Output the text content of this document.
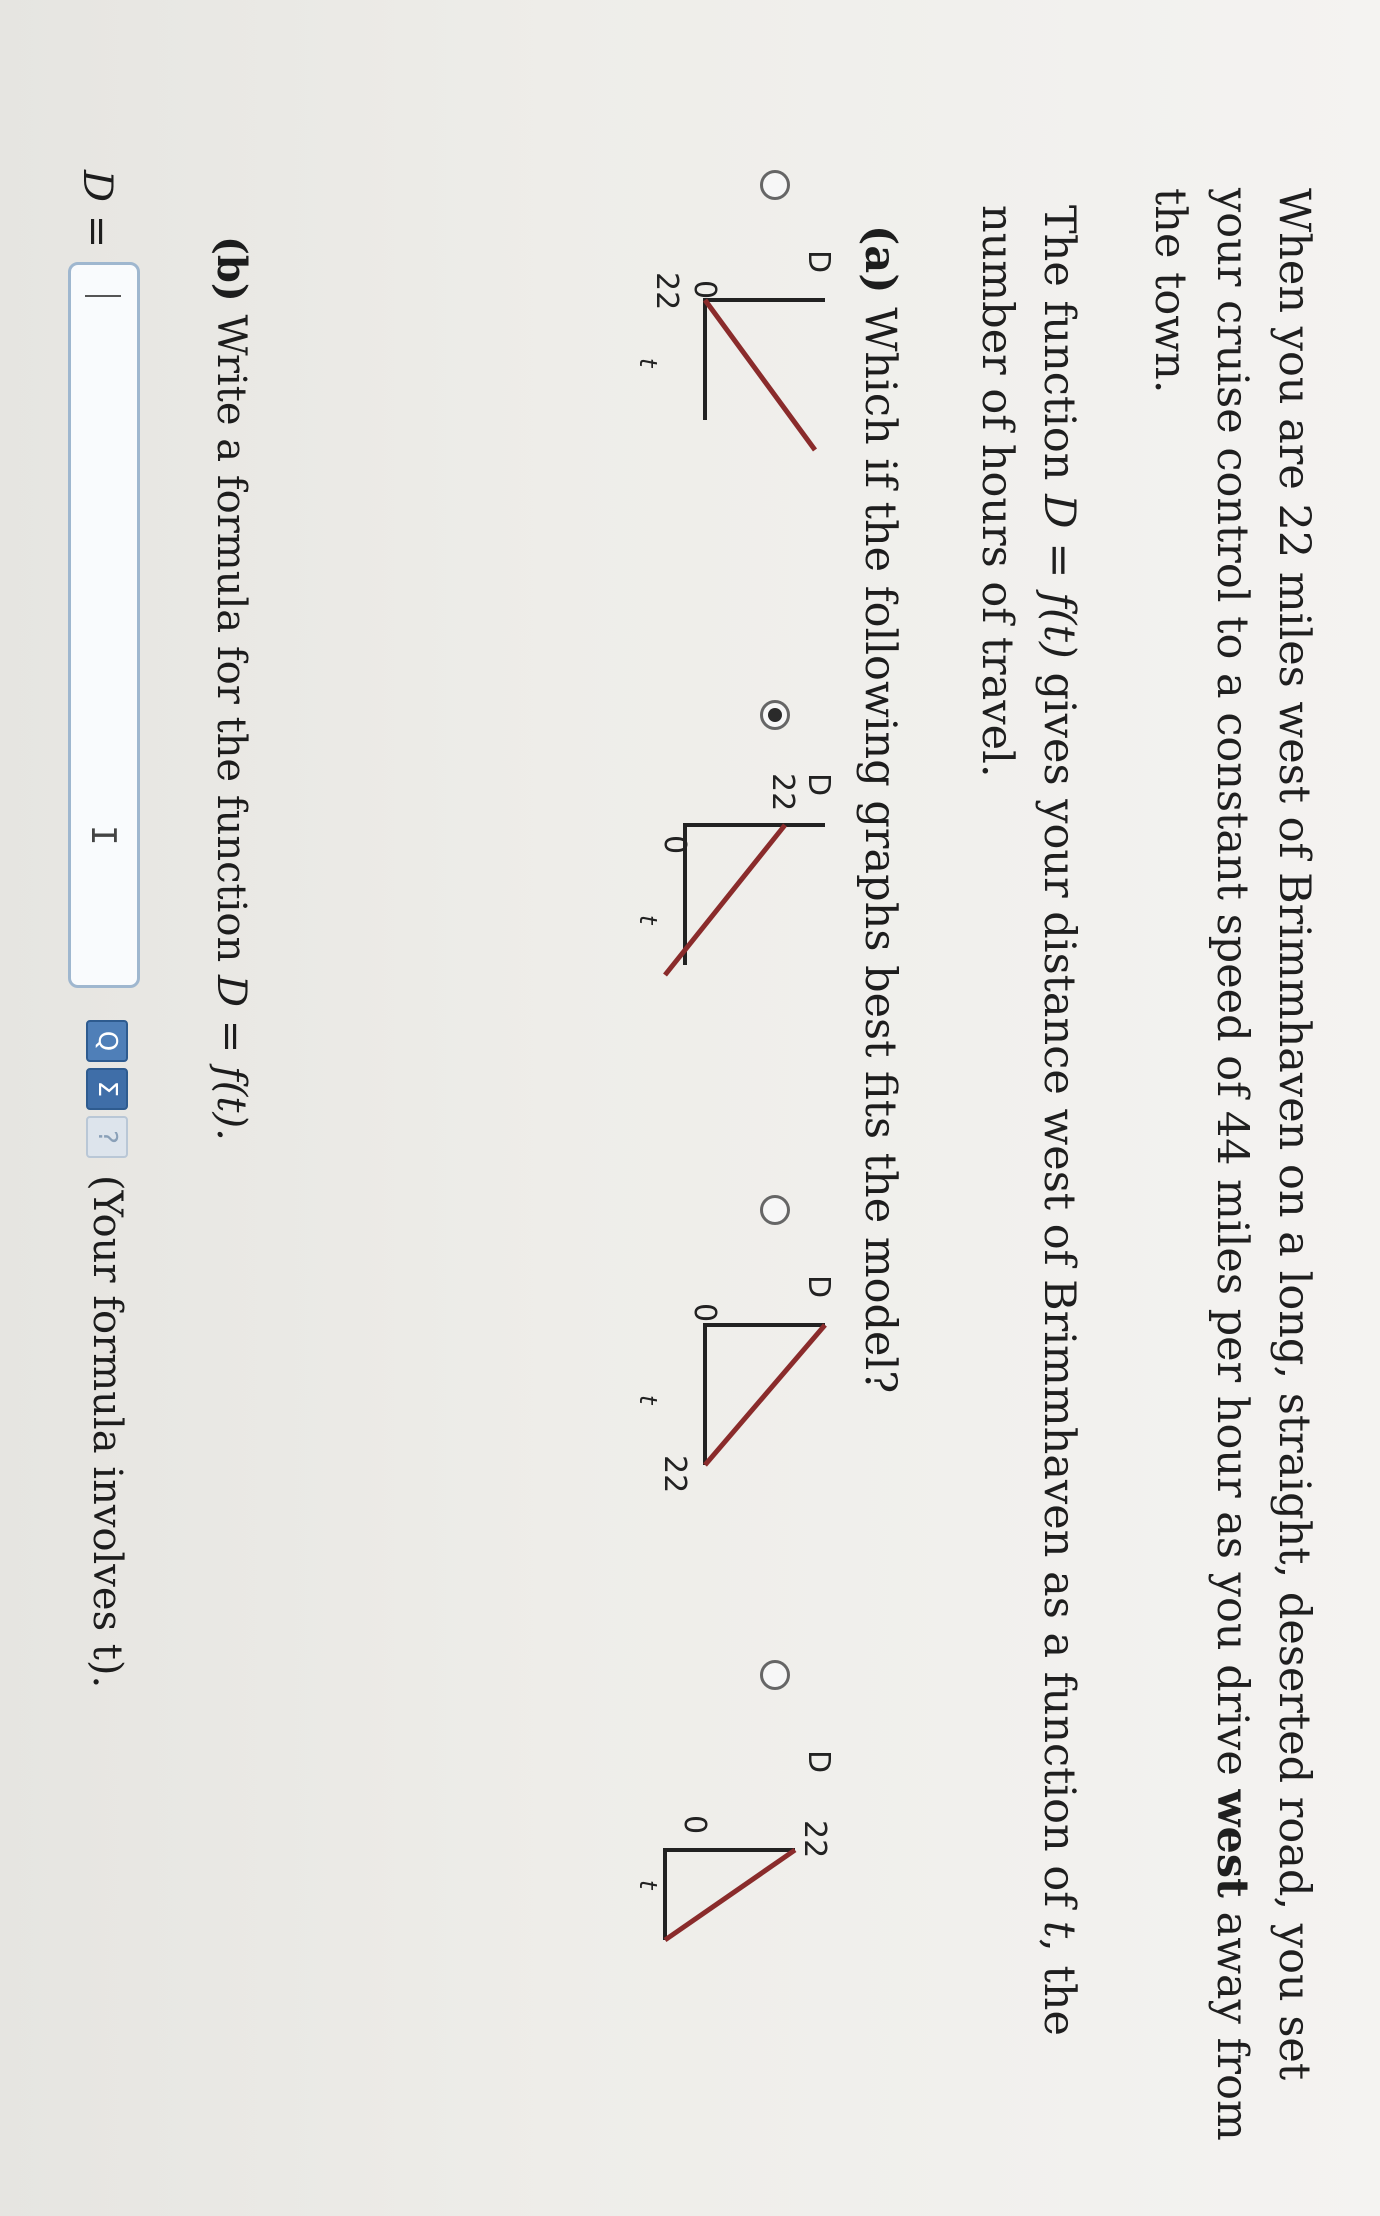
When you are 22 miles west of Brimmhaven on a long, straight, deserted road, you set your cruise control to a constant speed of 44 miles per hour as you drive west away from the town.

The function D = f(t) gives your distance west of Brimmhaven as a function of t, the number of hours of travel.

(a) Which if the following graphs best fits the model?

D
0
22
t
D
22
0
t
D
0
22
t
D
22
0
t

(b) Write a formula for the function D = f(t).

D =

I
Q
Σ
?

(Your formula involves t).
